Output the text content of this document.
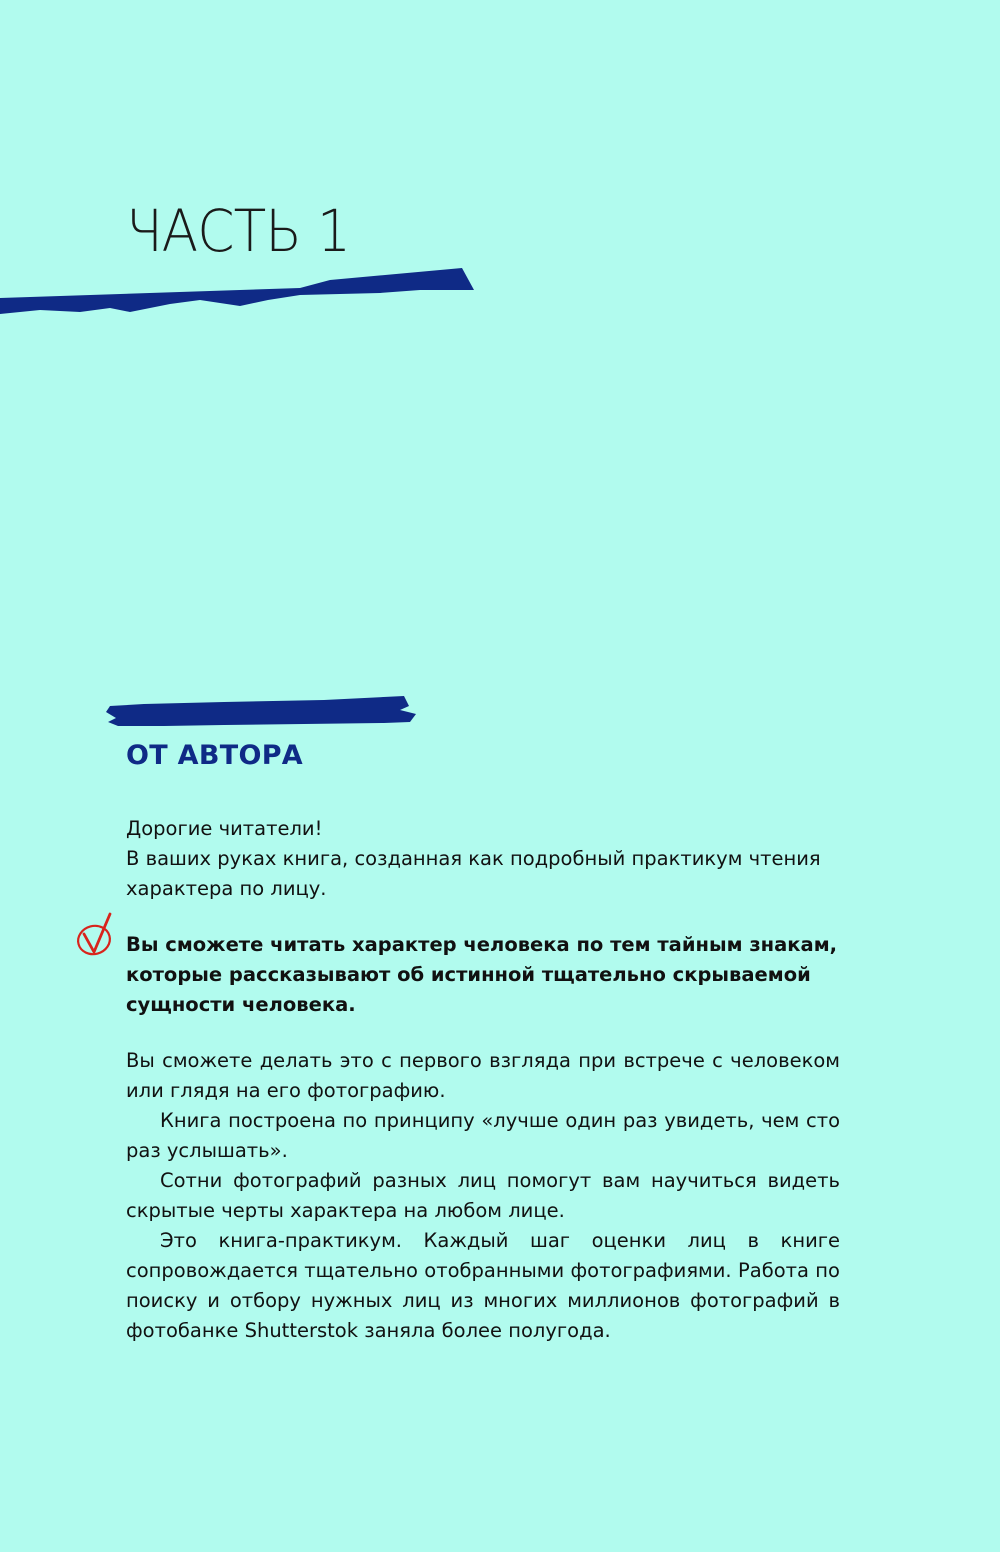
ЧАСТЬ 1
ОТ АВТОРА

Дорогие читатели!

В ваших руках книга, созданная как подробный практикум чтения характера по лицу.

Вы сможете читать характер человека по тем тайным знакам, которые рассказывают об истинной тщательно скрываемой сущности человека.

Вы сможете делать это с первого взгляда при встрече с человеком или глядя на его фотографию.

Книга построена по принципу «лучше один раз увидеть, чем сто раз услышать».

Сотни фотографий разных лиц помогут вам научиться видеть скрытые черты характера на любом лице.

Это книга-практикум. Каждый шаг оценки лиц в книге сопровождается тщательно отобранными фотографиями. Работа по поиску и отбору нужных лиц из многих миллионов фотографий в фотобанке Shutterstok заняла более полугода.
